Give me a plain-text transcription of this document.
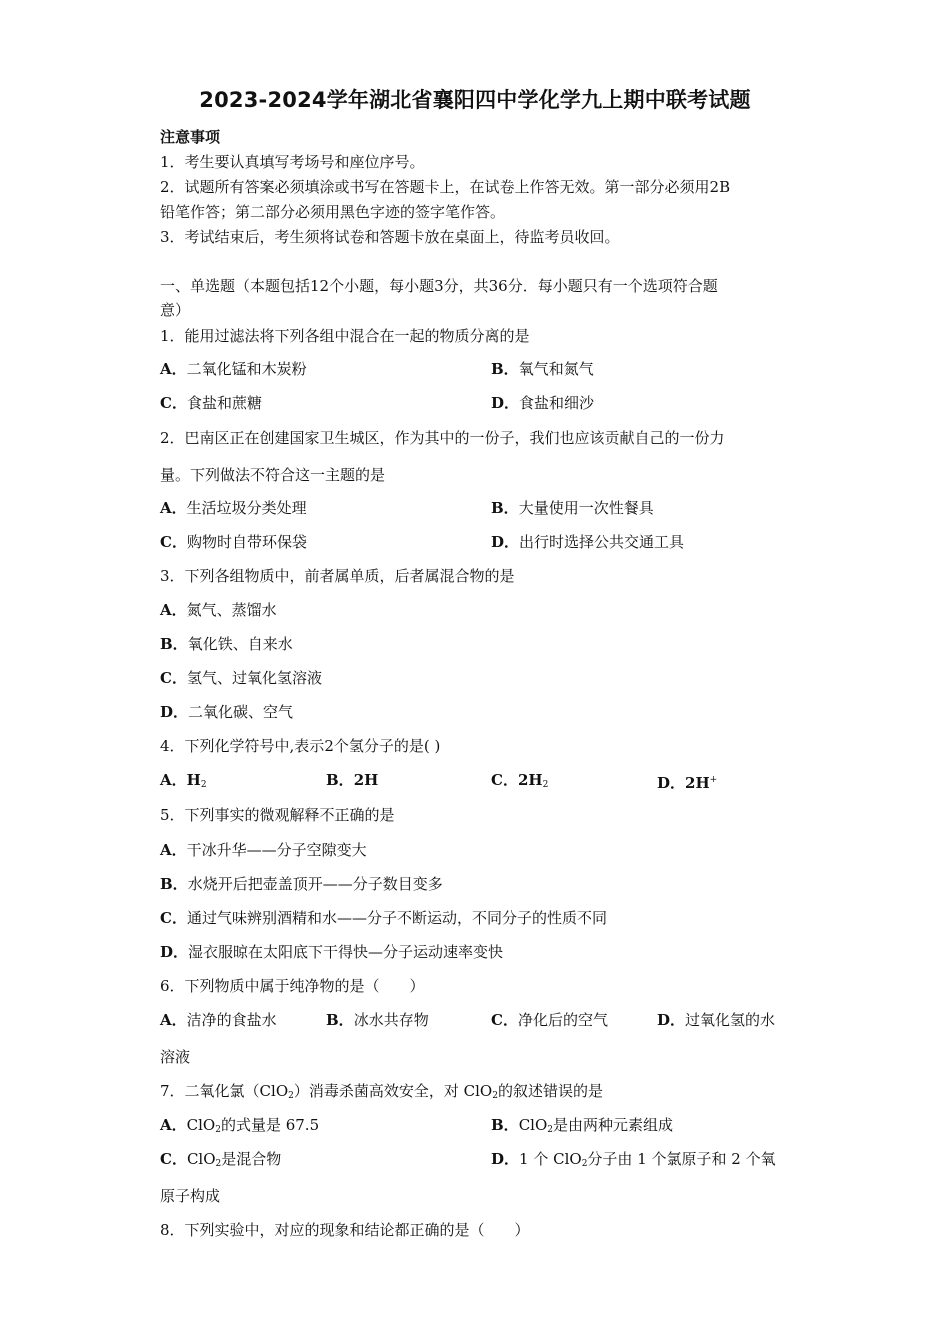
2023-2024学年湖北省襄阳四中学化学九上期中联考试题
注意事项
1．考生要认真填写考场号和座位序号。
2．试题所有答案必须填涂或书写在答题卡上，在试卷上作答无效。第一部分必须用2B
铅笔作答；第二部分必须用黑色字迹的签字笔作答。
3．考试结束后，考生须将试卷和答题卡放在桌面上，待监考员收回。
一、单选题（本题包括12个小题，每小题3分，共36分．每小题只有一个选项符合题
意）
1．能用过滤法将下列各组中混合在一起的物质分离的是
A．二氧化锰和木炭粉	B．氧气和氮气
C．食盐和蔗糖	D．食盐和细沙
2．巴南区正在创建国家卫生城区，作为其中的一份子，我们也应该贡献自己的一份力
量。下列做法不符合这一主题的是
A．生活垃圾分类处理	B．大量使用一次性餐具
C．购物时自带环保袋	D．出行时选择公共交通工具
3．下列各组物质中，前者属单质，后者属混合物的是
A．氮气、蒸馏水
B．氧化铁、自来水
C．氢气、过氧化氢溶液
D．二氧化碳、空气
4．下列化学符号中,表示2个氢分子的是( )
A．$H_2$	B．2H	C．$2H_2$	D．2H+
5．下列事实的微观解释不正确的是
A．干冰升华——分子空隙变大
B．水烧开后把壶盖顶开——分子数目变多
C．通过气味辨别酒精和水——分子不断运动，不同分子的性质不同
D．湿衣服晾在太阳底下干得快—分子运动速率变快
6．下列物质中属于纯净物的是（　　）
A．洁净的食盐水	B．冰水共存物	C．净化后的空气	D．过氧化氢的水
溶液
7．二氧化氯（ClO$_2$）消毒杀菌高效安全，对 ClO$_2$的叙述错误的是
A．ClO$_2$的式量是 67.5	B．ClO$_2$是由两种元素组成
C．ClO$_2$是混合物	D．1 个 ClO$_2$分子由 1 个氯原子和 2 个氧
原子构成
8．下列实验中，对应的现象和结论都正确的是（　　）
